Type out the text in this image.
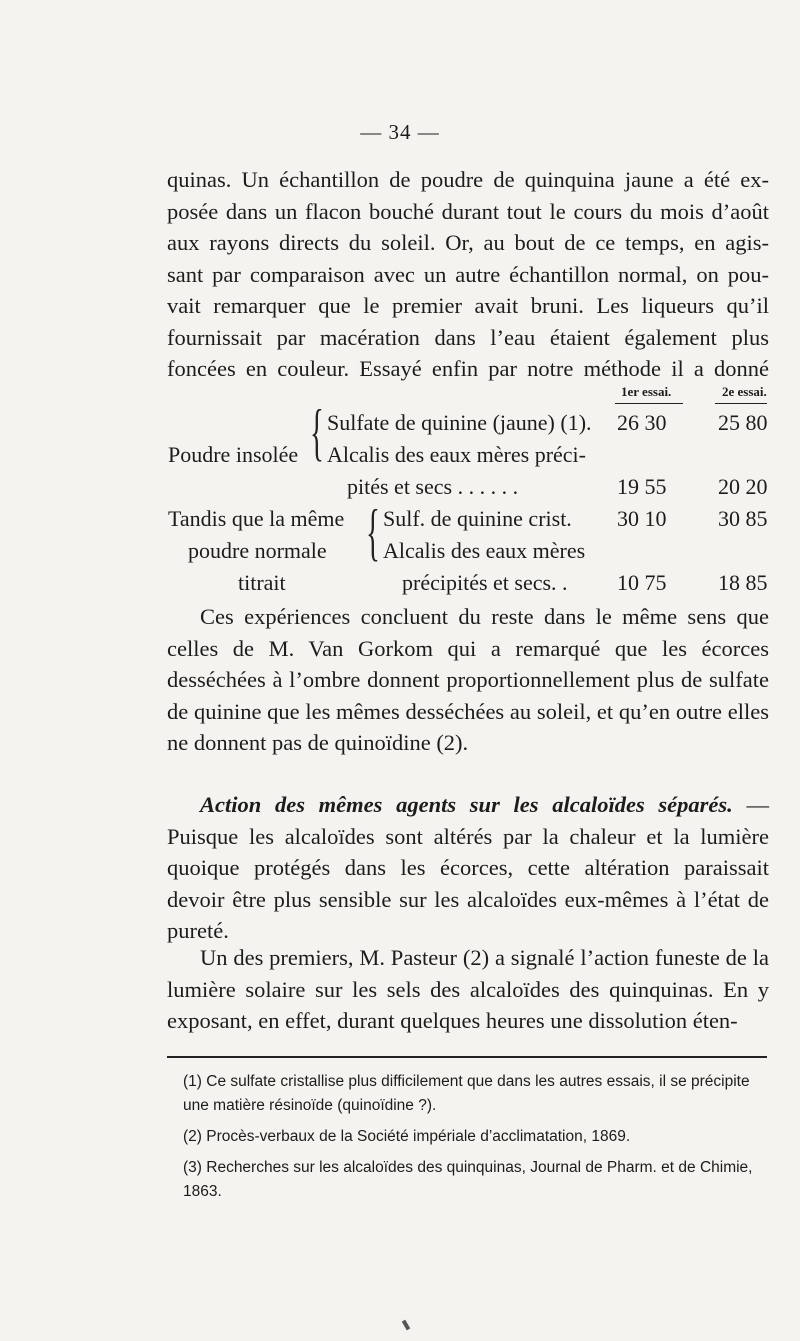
— 34 —
quinas. Un échantillon de poudre de quinquina jaune a été ex-
posée dans un flacon bouché durant tout le cours du mois d’août
aux rayons directs du soleil. Or, au bout de ce temps, en agis-
sant par comparaison avec un autre échantillon normal, on pou-
vait remarquer que le premier avait bruni. Les liqueurs qu’il
fournissait par macération dans l’eau étaient également plus
foncées en couleur. Essayé enfin par notre méthode il a donné
1er essai.	2e essai.
Poudre insolée { Sulfate de quinine (jaune) (1). 26 30 25 80
Alcalis des eaux mères préci-
pités et secs . . . . . .	19 55 20 20
Tandis que la même
poudre normale
titrait
{ Sulf. de quinine crist. 30 10 30 85
Alcalis des eaux mères
précipités et secs. . 10 75 18 85
Ces expériences concluent du reste dans le même sens que celles de M. Van Gorkom qui a remarqué que les écorces desséchées à l’ombre donnent proportionnellement plus de sulfate de quinine que les mêmes desséchées au soleil, et qu’en outre elles ne donnent pas de quinoïdine (2).
Action des mêmes agents sur les alcaloïdes séparés. — Puisque les alcaloïdes sont altérés par la chaleur et la lumière quoique protégés dans les écorces, cette altération paraissait devoir être plus sensible sur les alcaloïdes eux-mêmes à l’état de pureté.
Un des premiers, M. Pasteur (2) a signalé l’action funeste de la lumière solaire sur les sels des alcaloïdes des quinquinas. En y exposant, en effet, durant quelques heures une dissolution éten-
(1) Ce sulfate cristallise plus difficilement que dans les autres essais, il se précipite une matière résinoïde (quinoïdine ?).
(2) Procès-verbaux de la Société impériale d’acclimatation, 1869.
(3) Recherches sur les alcaloïdes des quinquinas, Journal de Pharm. et de Chimie, 1863.
